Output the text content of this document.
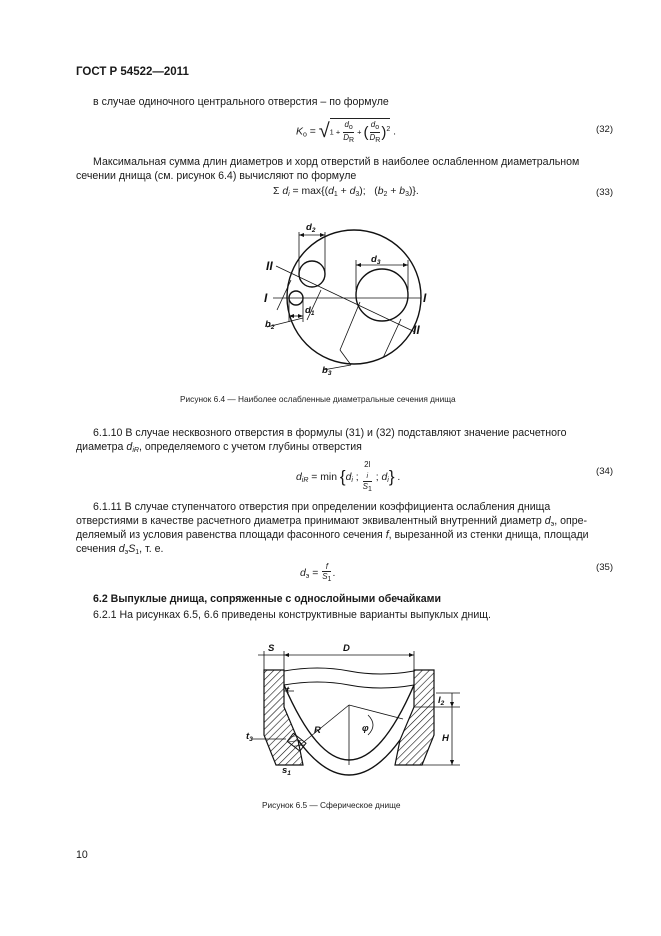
ГОСТ Р 54522—2011
в случае одиночного центрального отверстия – по формуле
$K_o = √1 + \frac{d_o}{D_R}$ + ( $\frac{d_o}{D_R} )^2$ .	(32)
Максимальная сумма длин диаметров и хорд отверстий в наиболее ослабленном диаметральном
сечении днища (см. рисунок 6.4) вычисляют по формуле
Σ $d_i = \max\{(d_1 + d_3)$;   $(b_2 + b_3)$}.	(33)
$d_2$
$d_3$
$d_1$
$b_2$
$b_3$
I	I
II
II
Рисунок 6.4 — Наиболее ослабленные диаметральные сечения днища
6.1.10 В случае несквозного отверстия в формулы (31) и (32) подставляют значение расчетного
диаметра $d_{iR}$, определяемого с учетом глубины отверстия
$d_{iR} = \min \{d_i$ ; 2l
$_i$
$S_1$ ; $d_i$} .
(34)
6.1.11 В случае ступенчатого отверстия при определении коэффициента ослабления днища
отверстиями в качестве расчетного диаметра принимают эквивалентный внутренний диаметр $d_э$, опре-
деляемый из условия равенства площади фасонного сечения f, вырезанной из стенки днища, площади
сечения $d_эS_1$, т. е.
$d_э = \frac{f}{S_1}$ .
(35)
6.2 Выпуклые днища, сопряженные с однослойными обечайками
6.2.1 На рисунках 6.5, 6.6 приведены конструктивные варианты выпуклых днищ.
S	D
t
$t_3$
R	φ
$s_1$
$l_2$
H
Рисунок 6.5 — Сферическое днище
10
